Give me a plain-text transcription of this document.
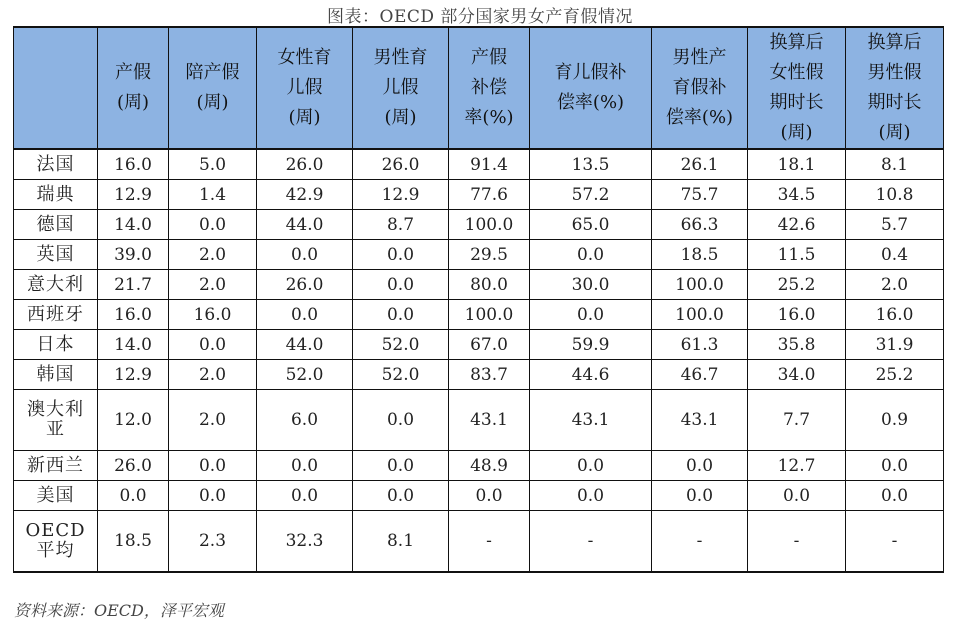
图表：OECD 部分国家男女产育假情况
	产假
(周)	陪产假
(周)	女性育
儿假
(周)	男性育
儿假
(周)	产假
补偿
率(%)	育儿假补
偿率(%)	男性产
育假补
偿率(%)	换算后
女性假
期时长
(周)	换算后
男性假
期时长
(周)
法国	16.0	5.0	26.0	26.0	91.4	13.5	26.1	18.1	8.1
瑞典	12.9	1.4	42.9	12.9	77.6	57.2	75.7	34.5	10.8
德国	14.0	0.0	44.0	8.7	100.0	65.0	66.3	42.6	5.7
英国	39.0	2.0	0.0	0.0	29.5	0.0	18.5	11.5	0.4
意大利	21.7	2.0	26.0	0.0	80.0	30.0	100.0	25.2	2.0
西班牙	16.0	16.0	0.0	0.0	100.0	0.0	100.0	16.0	16.0
日本	14.0	0.0	44.0	52.0	67.0	59.9	61.3	35.8	31.9
韩国	12.9	2.0	52.0	52.0	83.7	44.6	46.7	34.0	25.2
澳大利
亚	12.0	2.0	6.0	0.0	43.1	43.1	43.1	7.7	0.9
新西兰	26.0	0.0	0.0	0.0	48.9	0.0	0.0	12.7	0.0
美国	0.0	0.0	0.0	0.0	0.0	0.0	0.0	0.0	0.0
OECD
平均	18.5	2.3	32.3	8.1	-	-	-	-	-
资料来源：OECD，泽平宏观
